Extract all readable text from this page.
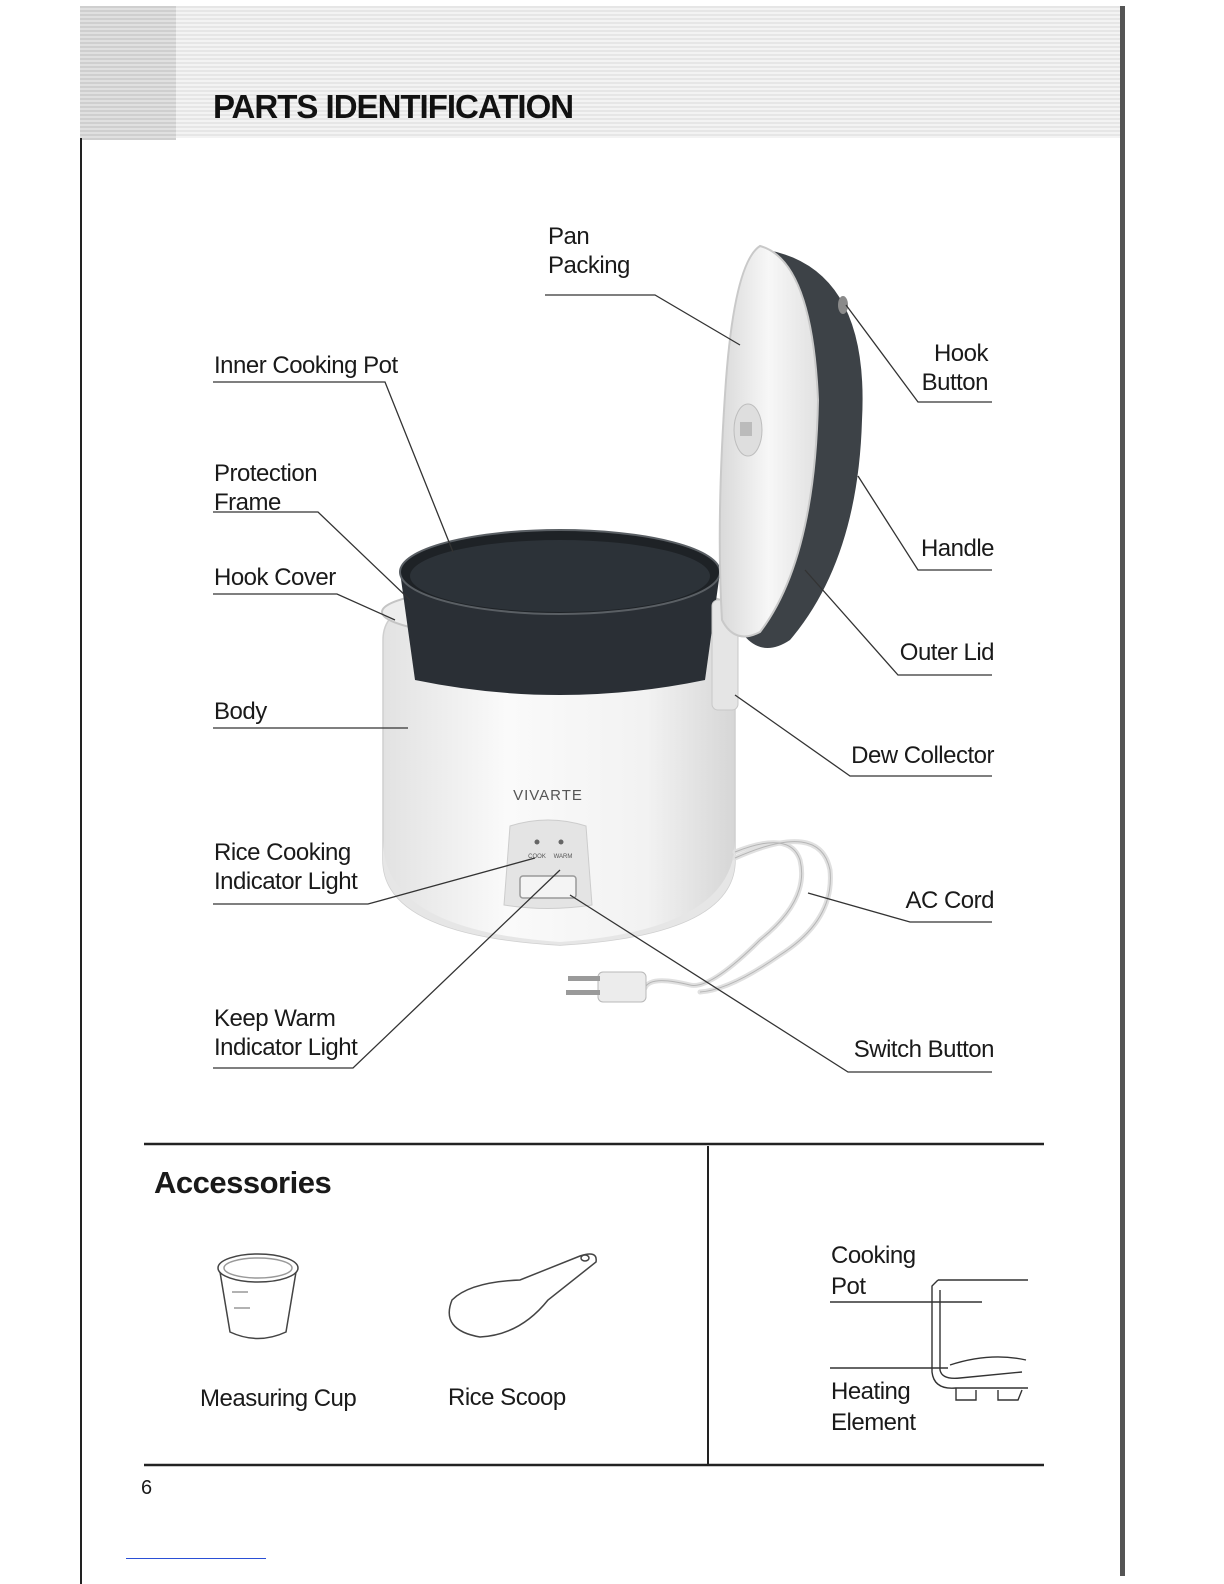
PARTS IDENTIFICATION
VIVARTE
COOK WARM
Pan
Packing
Inner Cooking Pot
Protection
Frame
Hook Cover
Body
Rice Cooking
Indicator Light
Keep Warm
Indicator Light
Hook
Button
Handle
Outer Lid
Dew Collector
AC Cord
Switch Button
Accessories
Measuring Cup	Rice Scoop
Cooking
Pot
Heating
Element
6
